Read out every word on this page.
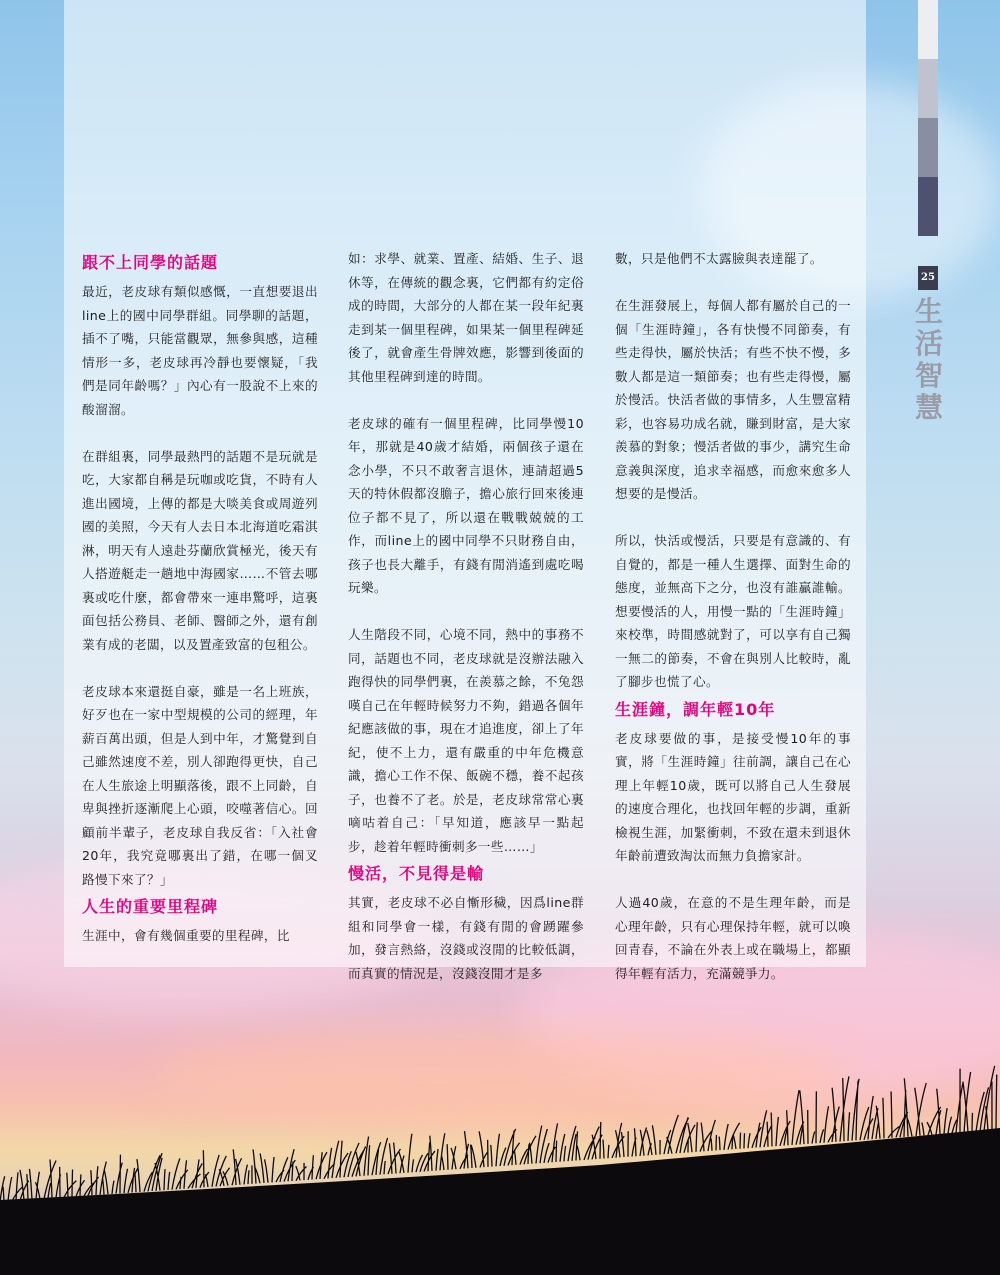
25
生
活
智
慧
跟不上同學的話題

最近，老皮球有類似感慨，一直想要退出line上的國中同學群組。同學聊的話題，插不了嘴，只能當觀眾，無參與感，這種情形一多，老皮球再冷靜也要懷疑，「我們是同年齡嗎？」內心有一股說不上來的酸溜溜。

在群組裏，同學最熱門的話題不是玩就是吃，大家都自稱是玩咖或吃貨，不時有人進出國境，上傳的都是大啖美食或周遊列國的美照，今天有人去日本北海道吃霜淇淋，明天有人遠赴芬蘭欣賞極光，後天有人搭遊艇走一趟地中海國家……不管去哪裏或吃什麼，都會帶來一連串驚呼，這裏面包括公務員、老師、醫師之外，還有創業有成的老闆，以及置產致富的包租公。

老皮球本來還挺自豪，雖是一名上班族，好歹也在一家中型規模的公司的經理，年薪百萬出頭，但是人到中年，才驚覺到自己雖然速度不差，別人卻跑得更快，自己在人生旅途上明顯落後，跟不上同齡，自卑與挫折逐漸爬上心頭，咬噬著信心。回顧前半輩子，老皮球自我反省：「入社會20年，我究竟哪裏出了錯，在哪一個叉路慢下來了？」

人生的重要里程碑

生涯中，會有幾個重要的里程碑，比

如：求學、就業、置產、結婚、生子、退休等，在傳統的觀念裏，它們都有約定俗成的時間，大部分的人都在某一段年紀裏走到某一個里程碑，如果某一個里程碑延後了，就會產生骨牌效應，影響到後面的其他里程碑到達的時間。

老皮球的確有一個里程碑，比同學慢10年，那就是40歲才結婚，兩個孩子還在念小學，不只不敢奢言退休，連請超過5天的特休假都沒膽子，擔心旅行回來後連位子都不見了，所以還在戰戰兢兢的工作，而line上的國中同學不只財務自由，孩子也長大離手，有錢有閒消遙到處吃喝玩樂。

人生階段不同，心境不同，熱中的事務不同，話題也不同，老皮球就是沒辦法融入跑得快的同學們裏，在羨慕之餘，不兔怨嘆自己在年輕時候努力不夠，錯過各個年紀應該做的事，現在才追進度，卻上了年紀，使不上力，還有嚴重的中年危機意識，擔心工作不保、飯碗不穩，養不起孩子，也養不了老。於是，老皮球常常心裏嘀咕着自己：「早知道，應該早一點起步，趁着年輕時衝刺多一些……」

慢活，不見得是輸

其實，老皮球不必自慚形穢，因爲line群組和同學會一樣，有錢有閒的會踴躍參加，發言熱絡，沒錢或沒閒的比較低調，而真實的情況是，沒錢沒閒才是多

數，只是他們不太露臉與表達罷了。

在生涯發展上，每個人都有屬於自己的一個「生涯時鐘」，各有快慢不同節奏，有些走得快，屬於快活；有些不快不慢，多數人都是這一類節奏；也有些走得慢，屬於慢活。快活者做的事情多，人生豐富精彩，也容易功成名就，賺到財富，是大家羨慕的對象；慢活者做的事少，講究生命意義與深度，追求幸福感，而愈來愈多人想要的是慢活。

所以，快活或慢活，只要是有意識的、有自覺的，都是一種人生選擇、面對生命的態度，並無高下之分，也沒有誰贏誰輸。想要慢活的人，用慢一點的「生涯時鐘」來校準，時間感就對了，可以享有自己獨一無二的節奏，不會在與別人比較時，亂了腳步也慌了心。

生涯鐘，調年輕10年

老皮球要做的事，是接受慢10年的事實，將「生涯時鐘」往前調，讓自己在心理上年輕10歲，既可以將自己人生發展的速度合理化，也找回年輕的步調，重新檢視生涯，加緊衝刺，不致在還未到退休年齡前遭致淘汰而無力負擔家計。

人過40歲，在意的不是生理年齡，而是心理年齡，只有心理保持年輕，就可以喚回青春，不論在外表上或在職場上，都顯得年輕有活力，充滿競爭力。
